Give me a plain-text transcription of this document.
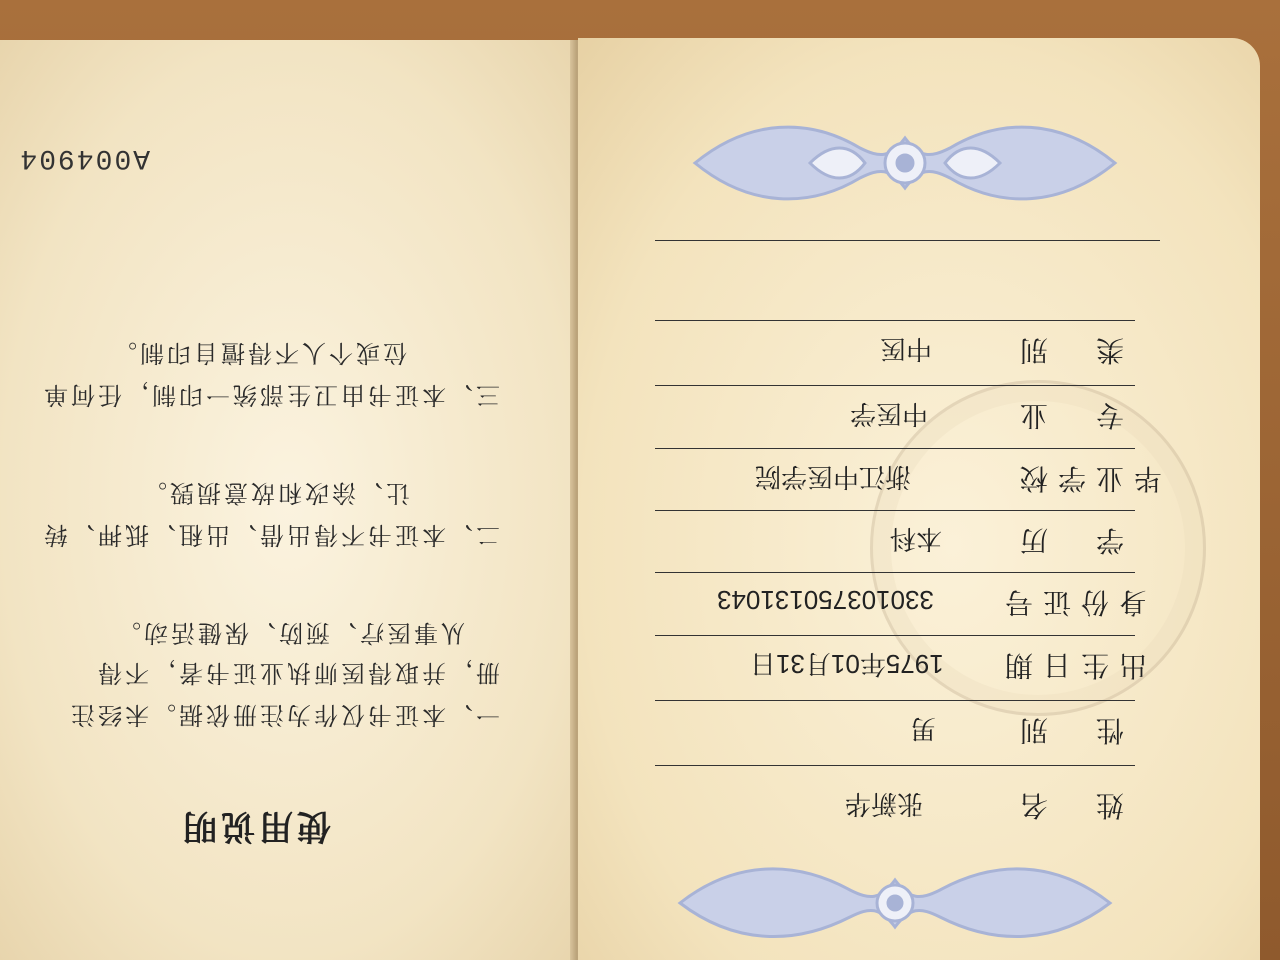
A004904
使用说明
一、本证书仅作为注册依据。未经注
册，并取得医师执业证书者，不得
从事医疗、预防、保健活动。
二、本证书不得出借、出租、抵押、转
让、涂改和故意损毁。
三、本证书由卫生部统一印制，任何单
位或个人不得擅自印制。	类　别
中医
专　业
中医学
毕业学校
浙江中医学院
学　历
本科
身份证号
330103750131043
出生日期
1975年01月31日
性　别
男
姓　名
张新华
